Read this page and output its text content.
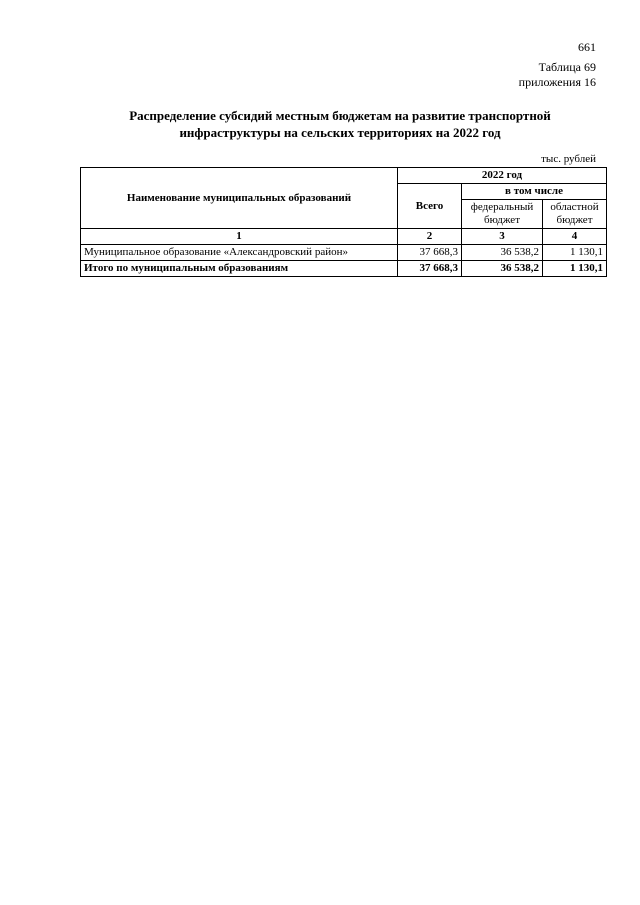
661
Таблица 69
приложения 16
Распределение субсидий местным бюджетам на развитие транспортной
инфраструктуры на сельских территориях на 2022 год
тыс. рублей
Наименование муниципальных образований	2022 год		
	Всего	в том числе	
		федеральный бюджет	областной бюджет
1	2	3	4
Муниципальное образование «Александровский район»	37 668,3	36 538,2	1 130,1
Итого по муниципальным образованиям	37 668,3	36 538,2	1 130,1
